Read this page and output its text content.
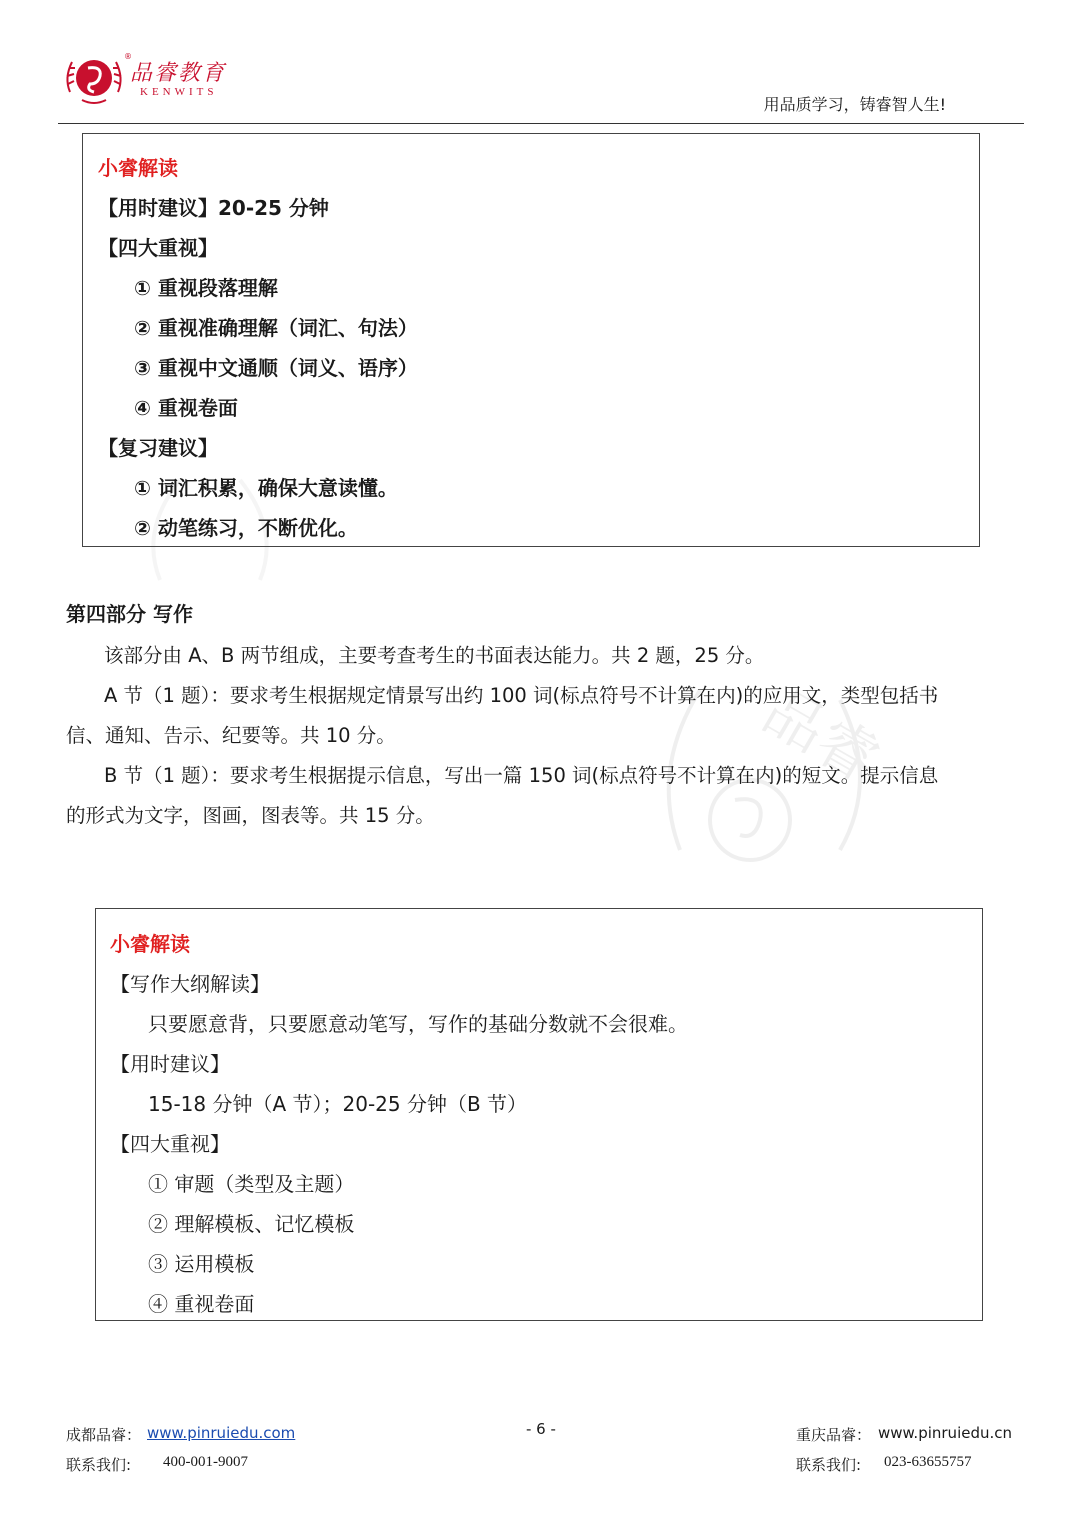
品睿教育
®
KENWITS
用品质学习，铸睿智人生!
品睿
小睿解读
【用时建议】20-25 分钟
【四大重视】
① 重视段落理解
② 重视准确理解（词汇、句法）
③ 重视中文通顺（词义、语序）
④ 重视卷面
【复习建议】
① 词汇积累，确保大意读懂。
② 动笔练习，不断优化。
第四部分 写作
该部分由 A、B 两节组成，主要考查考生的书面表达能力。共 2 题，25 分。
A 节（1 题）：要求考生根据规定情景写出约 100 词(标点符号不计算在内)的应用文，类型包括书
信、通知、告示、纪要等。共 10 分。
B 节（1 题）：要求考生根据提示信息，写出一篇 150 词(标点符号不计算在内)的短文。提示信息
的形式为文字，图画，图表等。共 15 分。
小睿解读
【写作大纲解读】
只要愿意背，只要愿意动笔写，写作的基础分数就不会很难。
【用时建议】
15-18 分钟（A 节）；20-25 分钟（B 节）
【四大重视】
① 审题（类型及主题）
② 理解模板、记忆模板
③ 运用模板
④ 重视卷面
成都品睿： www.pinruiedu.com
联系我们: 400-001-9007
- 6 -	重庆品睿： www.pinruiedu.cn
联系我们: 023-63655757
